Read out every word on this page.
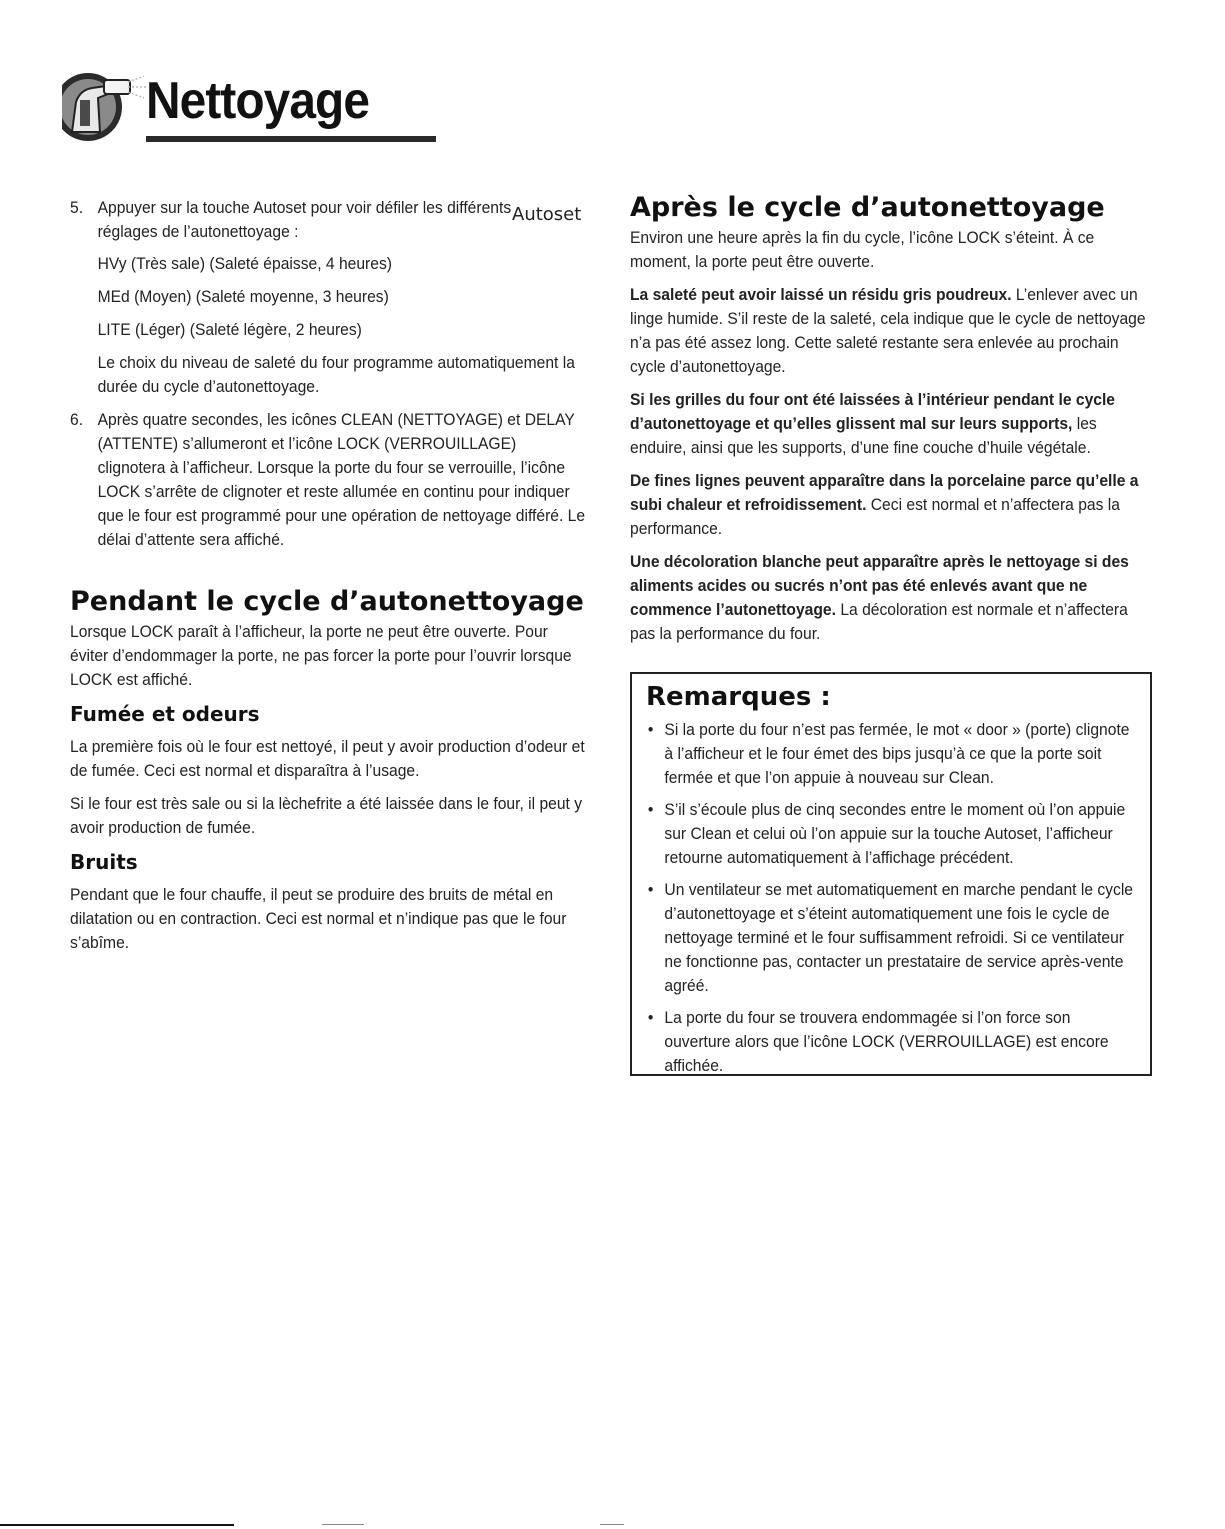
Nettoyage
Autoset
5. Appuyer sur la touche Autoset pour voir défiler les différents réglages de l’autonettoyage :
HVy (Très sale) (Saleté épaisse, 4 heures)
MEd (Moyen) (Saleté moyenne, 3 heures)
LITE (Léger) (Saleté légère, 2 heures)
Le choix du niveau de saleté du four programme automatiquement la durée du cycle d’autonettoyage.
6. Après quatre secondes, les icônes CLEAN (NETTOYAGE) et DELAY (ATTENTE) s’allumeront et l’icône LOCK (VERROUILLAGE) clignotera à l’afficheur. Lorsque la porte du four se verrouille, l’icône LOCK s’arrête de clignoter et reste allumée en continu pour indiquer que le four est programmé pour une opération de nettoyage différé. Le délai d’attente sera affiché.
Pendant le cycle d’autonettoyage
Lorsque LOCK paraît à l’afficheur, la porte ne peut être ouverte. Pour éviter d’endommager la porte, ne pas forcer la porte pour l’ouvrir lorsque LOCK est affiché.
Fumée et odeurs
La première fois où le four est nettoyé, il peut y avoir production d’odeur et de fumée. Ceci est normal et disparaîtra à l’usage.
Si le four est très sale ou si la lèchefrite a été laissée dans le four, il peut y avoir production de fumée.
Bruits
Pendant que le four chauffe, il peut se produire des bruits de métal en dilatation ou en contraction. Ceci est normal et n’indique pas que le four s’abîme.
Après le cycle d’autonettoyage
Environ une heure après la fin du cycle, l’icône LOCK s’éteint. À ce moment, la porte peut être ouverte.
La saleté peut avoir laissé un résidu gris poudreux. L’enlever avec un linge humide. S’il reste de la saleté, cela indique que le cycle de nettoyage n’a pas été assez long. Cette saleté restante sera enlevée au prochain cycle d’autonettoyage.
Si les grilles du four ont été laissées à l’intérieur pendant le cycle d’autonettoyage et qu’elles glissent mal sur leurs supports, les enduire, ainsi que les supports, d’une fine couche d’huile végétale.
De fines lignes peuvent apparaître dans la porcelaine parce qu’elle a subi chaleur et refroidissement. Ceci est normal et n’affectera pas la performance.
Une décoloration blanche peut apparaître après le nettoyage si des aliments acides ou sucrés n’ont pas été enlevés avant que ne commence l’autonettoyage. La décoloration est normale et n’affectera pas la performance du four.
Remarques :
• Si la porte du four n’est pas fermée, le mot « door » (porte) clignote à l’afficheur et le four émet des bips jusqu’à ce que la porte soit fermée et que l’on appuie à nouveau sur Clean.
• S’il s’écoule plus de cinq secondes entre le moment où l’on appuie sur Clean et celui où l’on appuie sur la touche Autoset, l’afficheur retourne automatiquement à l’affichage précédent.
• Un ventilateur se met automatiquement en marche pendant le cycle d’autonettoyage et s’éteint automatiquement une fois le cycle de nettoyage terminé et le four suffisamment refroidi. Si ce ventilateur ne fonctionne pas, contacter un prestataire de service après-vente agréé.
• La porte du four se trouvera endommagée si l’on force son ouverture alors que l’icône LOCK (VERROUILLAGE) est encore affichée.
